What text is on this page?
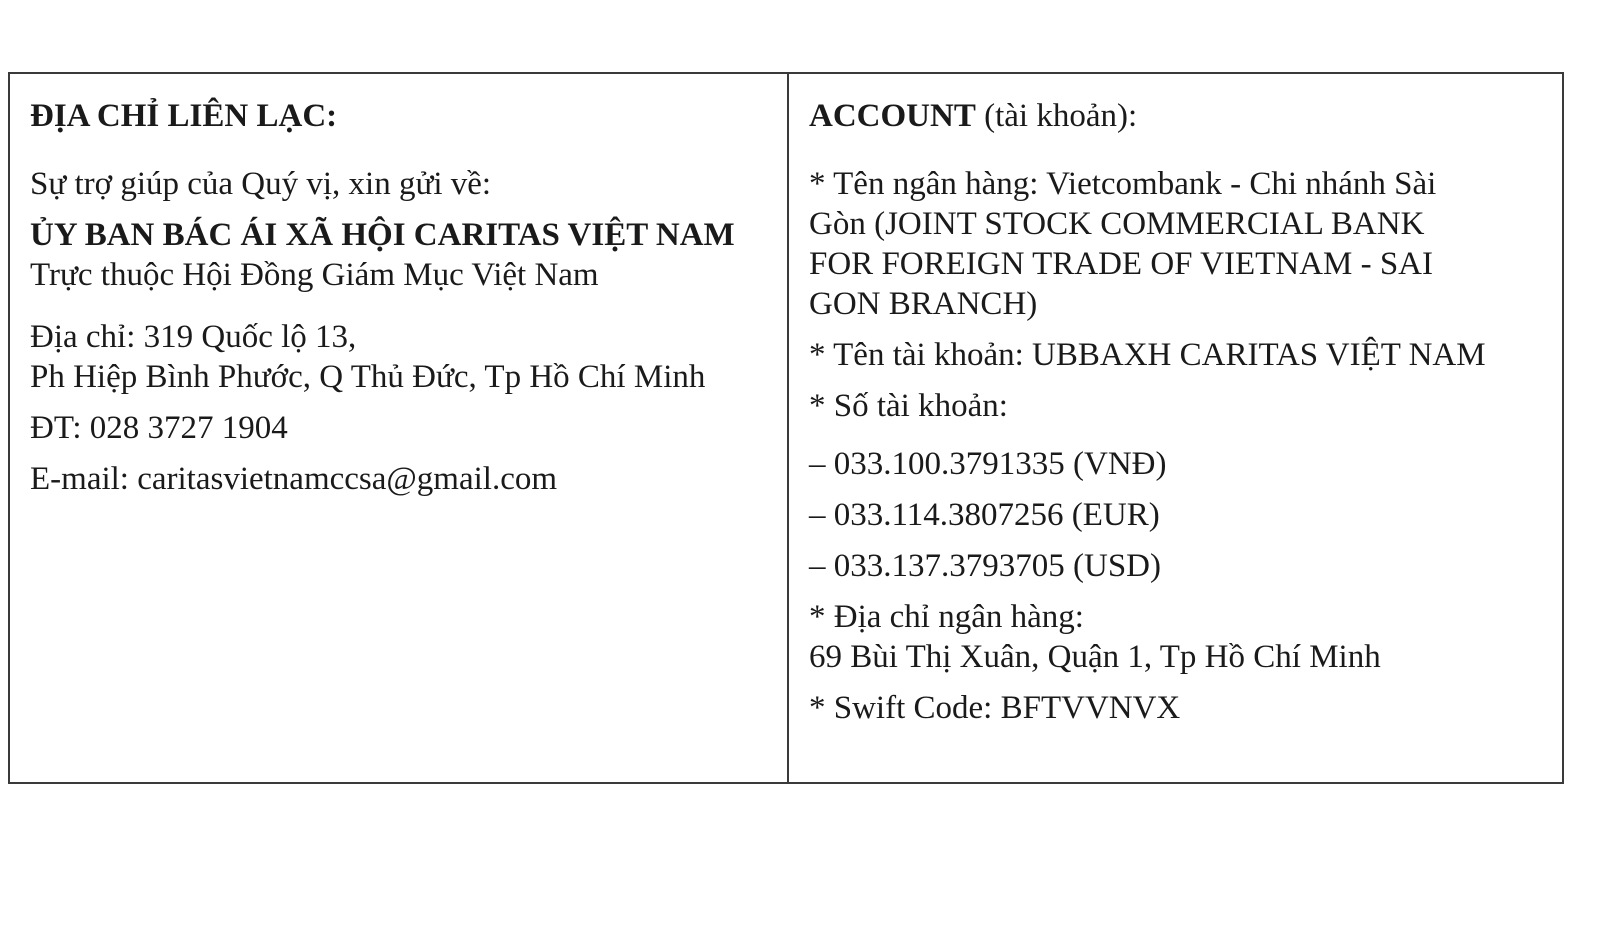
ĐỊA CHỈ LIÊN LẠC:

Sự trợ giúp của Quý vị, xin gửi về:

ỦY BAN BÁC ÁI XÃ HỘI CARITAS VIỆT NAM

Trực thuộc Hội Đồng Giám Mục Việt Nam

Địa chỉ: 319 Quốc lộ 13,

Ph Hiệp Bình Phước, Q Thủ Đức, Tp Hồ Chí Minh

ĐT: 028 3727 1904

E-mail: caritasvietnamccsa@gmail.com

ACCOUNT (tài khoản):

* Tên ngân hàng: Vietcombank - Chi nhánh Sài

Gòn (JOINT STOCK COMMERCIAL BANK

FOR FOREIGN TRADE OF VIETNAM - SAI

GON BRANCH)

* Tên tài khoản: UBBAXH CARITAS VIỆT NAM

* Số tài khoản:

– 033.100.3791335 (VNĐ)

– 033.114.3807256 (EUR)

– 033.137.3793705 (USD)

* Địa chỉ ngân hàng:

69 Bùi Thị Xuân, Quận 1, Tp Hồ Chí Minh

* Swift Code: BFTVVNVX
